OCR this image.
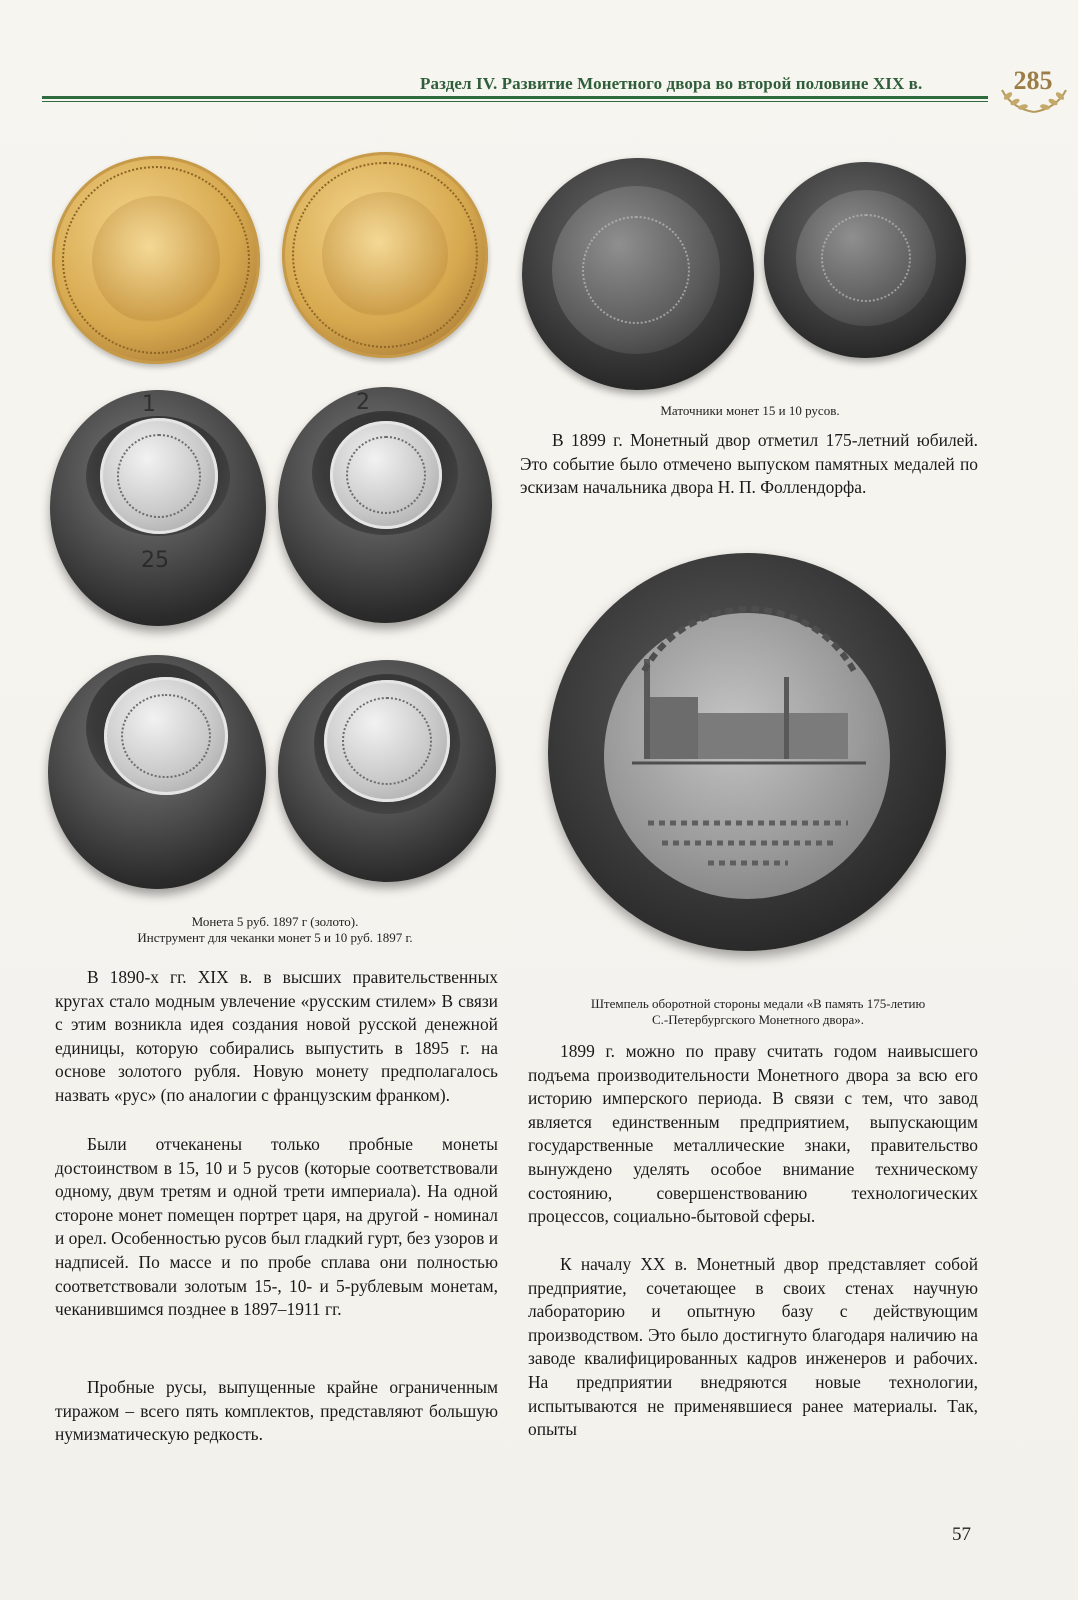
Раздел IV. Развитие Монетного двора во второй половине XIX в.	285
1
25
2	Маточники монет 15 и 10 русов.
Монета 5 руб. 1897 г (золото).
Инструмент для чеканки монет 5 и 10 руб. 1897 г.
Штемпель оборотной стороны медали «В память 175-летию
С.-Петербургского Монетного двора».
В 1899 г. Монетный двор отметил 175-летний юбилей. Это событие было отмечено выпуском памятных медалей по эскизам начальника двора Н. П. Фоллендорфа.
1899 г. можно по праву считать годом наивысшего подъема производительности Монетного двора за всю его историю имперского периода. В связи с тем, что завод является единственным предприятием, выпускающим государственные металлические знаки, правительство вынуждено уделять особое внимание техническому состоянию, совершенствованию технологических процессов, социально-бытовой сферы.
К началу XX в. Монетный двор представляет собой предприятие, сочетающее в своих стенах научную лабораторию и опытную базу с действующим производством. Это было достигнуто благодаря наличию на заводе квалифицированных кадров инженеров и рабочих. На предприятии внедряются новые технологии, испытываются не применявшиеся ранее материалы. Так, опыты
В 1890-х гг. XIX в. в высших правительственных кругах стало модным увлечение «русским стилем» В связи с этим возникла идея создания новой русской денежной единицы, которую собирались выпустить в 1895 г. на основе золотого рубля. Новую монету предполагалось назвать «рус» (по аналогии с французским франком).
Были отчеканены только пробные монеты достоинством в 15, 10 и 5 русов (которые соответствовали одному, двум третям и одной трети империала). На одной стороне монет помещен портрет царя, на другой - номинал и орел. Особенностью русов был гладкий гурт, без узоров и надписей. По массе и по пробе сплава они полностью соответствовали золотым 15-, 10- и 5-рублевым монетам, чеканившимся позднее в 1897–1911 гг.
Пробные русы, выпущенные крайне ограниченным тиражом – всего пять комплектов, представляют большую нумизматическую редкость.
57
